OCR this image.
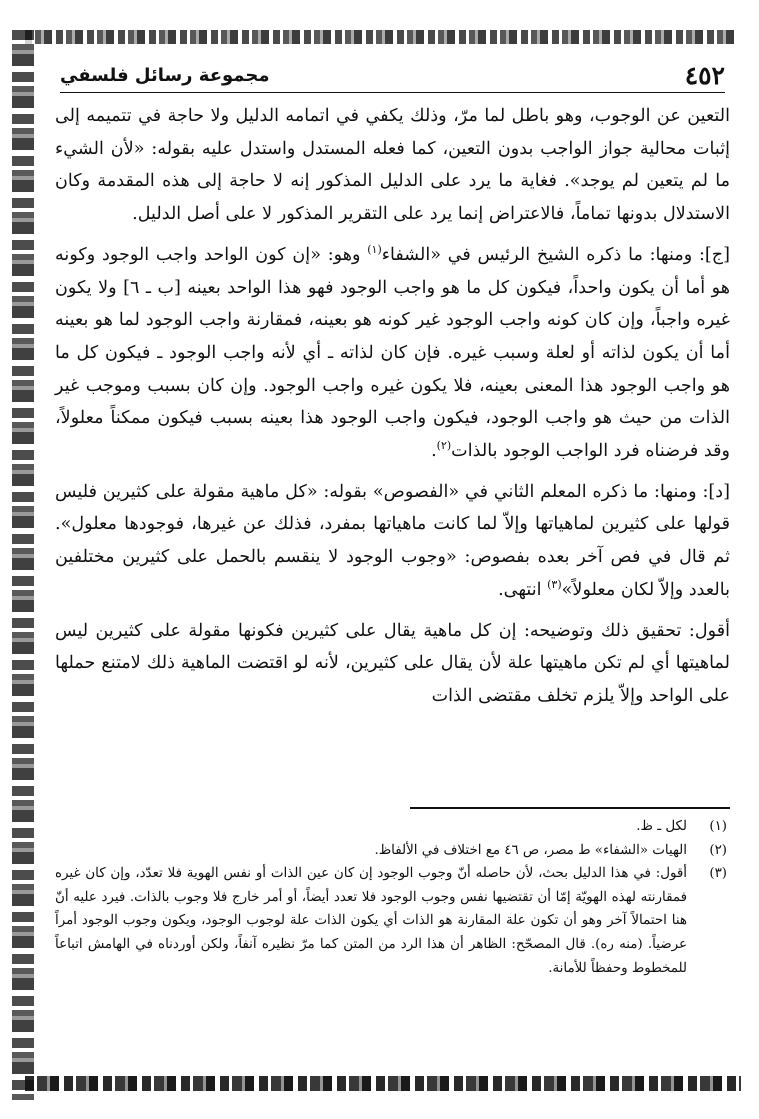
٤٥٢
مجموعة رسائل فلسفي

التعين عن الوجوب، وهو باطل لما مرّ، وذلك يكفي في اتمامه الدليل ولا حاجة في تتميمه إلى إثبات محالية جواز الواجب بدون التعين، كما فعله المستدل واستدل عليه بقوله: «لأن الشيء ما لم يتعين لم يوجد». فغاية ما يرد على الدليل المذكور إنه لا حاجة إلى هذه المقدمة وكان الاستدلال بدونها تماماً، فالاعتراض إنما يرد على التقرير المذكور لا على أصل الدليل.

[ج]: ومنها: ما ذكره الشيخ الرئيس في «الشفاء$^{(١)}$ وهو: «إن كون الواحد واجب الوجود وكونه هو أما أن يكون واحداً، فيكون كل ما هو واجب الوجود فهو هذا الواحد بعينه [ب ـ ٦] ولا يكون غيره واجباً، وإن كان كونه واجب الوجود غير كونه هو بعينه، فمقارنة واجب الوجود لما هو بعينه أما أن يكون لذاته أو لعلة وسبب غيره. فإن كان لذاته ـ أي لأنه واجب الوجود ـ فيكون كل ما هو واجب الوجود هذا المعنى بعينه، فلا يكون غيره واجب الوجود. وإن كان بسبب وموجب غير الذات من حيث هو واجب الوجود، فيكون واجب الوجود هذا بعينه بسبب فيكون ممكناً معلولاً، وقد فرضناه فرد الواجب الوجود بالذات$^{(٢)}$.

[د]: ومنها: ما ذكره المعلم الثاني في «الفصوص» بقوله: «كل ماهية مقولة على كثيرين فليس قولها على كثيرين لماهياتها وإلاّ لما كانت ماهياتها بمفرد، فذلك عن غيرها، فوجودها معلول». ثم قال في فص آخر بعده بفصوص: «وجوب الوجود لا ينقسم بالحمل على كثيرين مختلفين بالعدد وإلاّ لكان معلولاً»$^{(٣)}$ انتهى.

أقول: تحقيق ذلك وتوضيحه: إن كل ماهية يقال على كثيرين فكونها مقولة على كثيرين ليس لماهيتها أي لم تكن ماهيتها علة لأن يقال على كثيرين، لأنه لو اقتضت الماهية ذلك لامتنع حملها على الواحد وإلاّ يلزم تخلف مقتضى الذات

(١)
لكل ـ ظ.
(٢)
الهيات «الشفاء» ط مصر، ص ٤٦ مع اختلاف في الألفاظ.
(٣)
أقول: في هذا الدليل بحث، لأن حاصله أنّ وجوب الوجود إن كان عين الذات أو نفس الهوية فلا تعدّد، وإن كان غيره فمقارنته لهذه الهويّة إمّا أن تقتضيها نفس وجوب الوجود فلا تعدد أيضاً، أو أمر خارج فلا وجوب بالذات. فيرد عليه أنّ هنا احتمالاً آخر وهو أن تكون علة المقارنة هو الذات أي يكون الذات علة لوجوب الوجود، ويكون وجوب الوجود أمراً عرضياً. (منه ره). قال المصحّح: الظاهر أن هذا الرد من المتن كما مرّ نظيره آنفاً، ولكن أوردناه في الهامش اتباعاً للمخطوط وحفظاً للأمانة.
